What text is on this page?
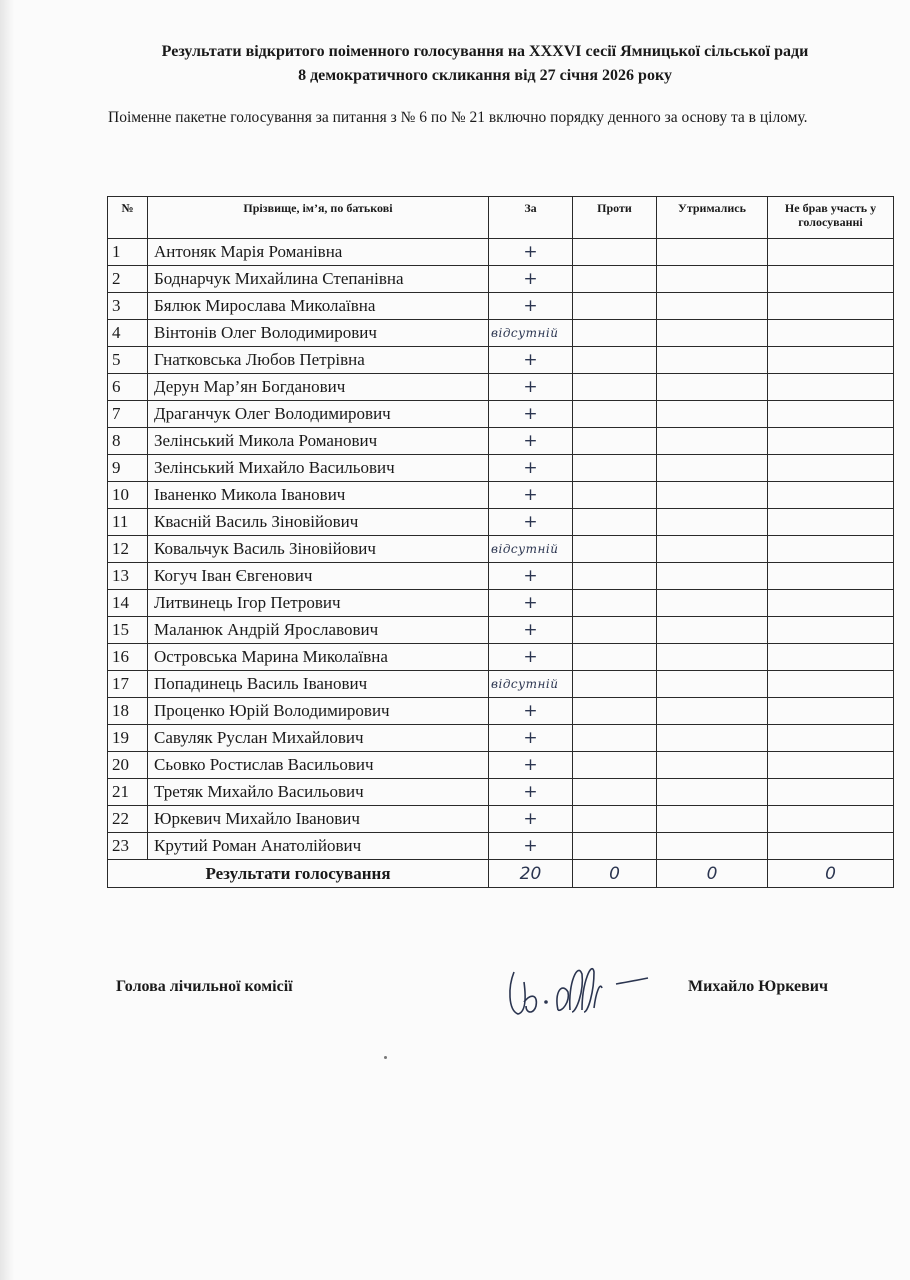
Результати відкритого поіменного голосування на XXXVI сесії Ямницької сільської ради
8 демократичного скликання від 27 січня 2026 року
Поіменне пакетне голосування за питання з № 6 по № 21 включно порядку денного за основу та в цілому.
№	Прізвище, ім’я, по батькові	За	Проти	Утримались	Не брав участь у голосуванні
1	Антоняк Марія Романівна	+			
2	Боднарчук Михайлина Степанівна	+			
3	Бялюк Мирослава Миколаївна	+			
4	Вінтонів Олег Володимирович	відсутній			
5	Гнатковська Любов Петрівна	+			
6	Дерун Мар’ян Богданович	+			
7	Драганчук Олег Володимирович	+			
8	Зелінський Микола Романович	+			
9	Зелінський Михайло Васильович	+			
10	Іваненко Микола Іванович	+			
11	Квасній Василь Зіновійович	+			
12	Ковальчук Василь Зіновійович	відсутній			
13	Когуч Іван Євгенович	+			
14	Литвинець Ігор Петрович	+			
15	Маланюк Андрій Ярославович	+			
16	Островська Марина Миколаївна	+			
17	Попадинець Василь Іванович	відсутній			
18	Проценко Юрій Володимирович	+			
19	Савуляк Руслан Михайлович	+			
20	Сьовко Ростислав Васильович	+			
21	Третяк Михайло Васильович	+			
22	Юркевич Михайло Іванович	+			
23	Крутий Роман Анатолійович	+			
Результати голосування		20	0	0	0
Голова лічильної комісії	Михайло Юркевич
